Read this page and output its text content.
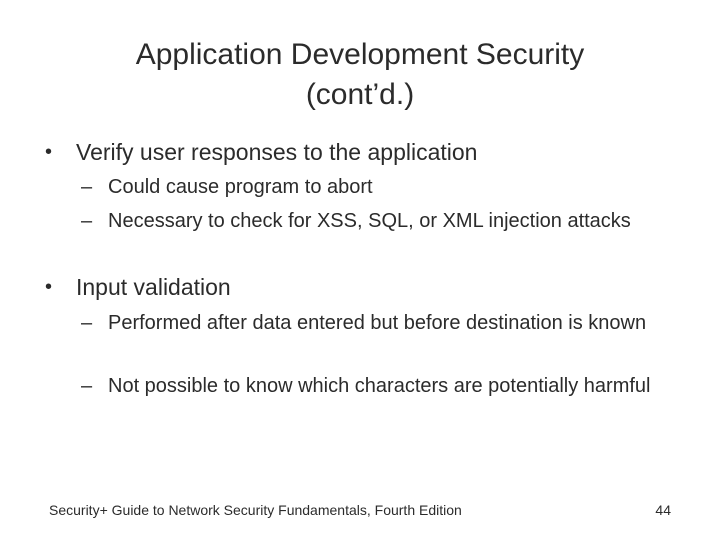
Application Development Security
(cont’d.)
• Verify user responses to the application
– Could cause program to abort
– Necessary to check for XSS, SQL, or XML injection attacks
• Input validation
– Performed after data entered but before destination is known
– Not possible to know which characters are potentially harmful
Security+ Guide to Network Security Fundamentals, Fourth Edition	44
